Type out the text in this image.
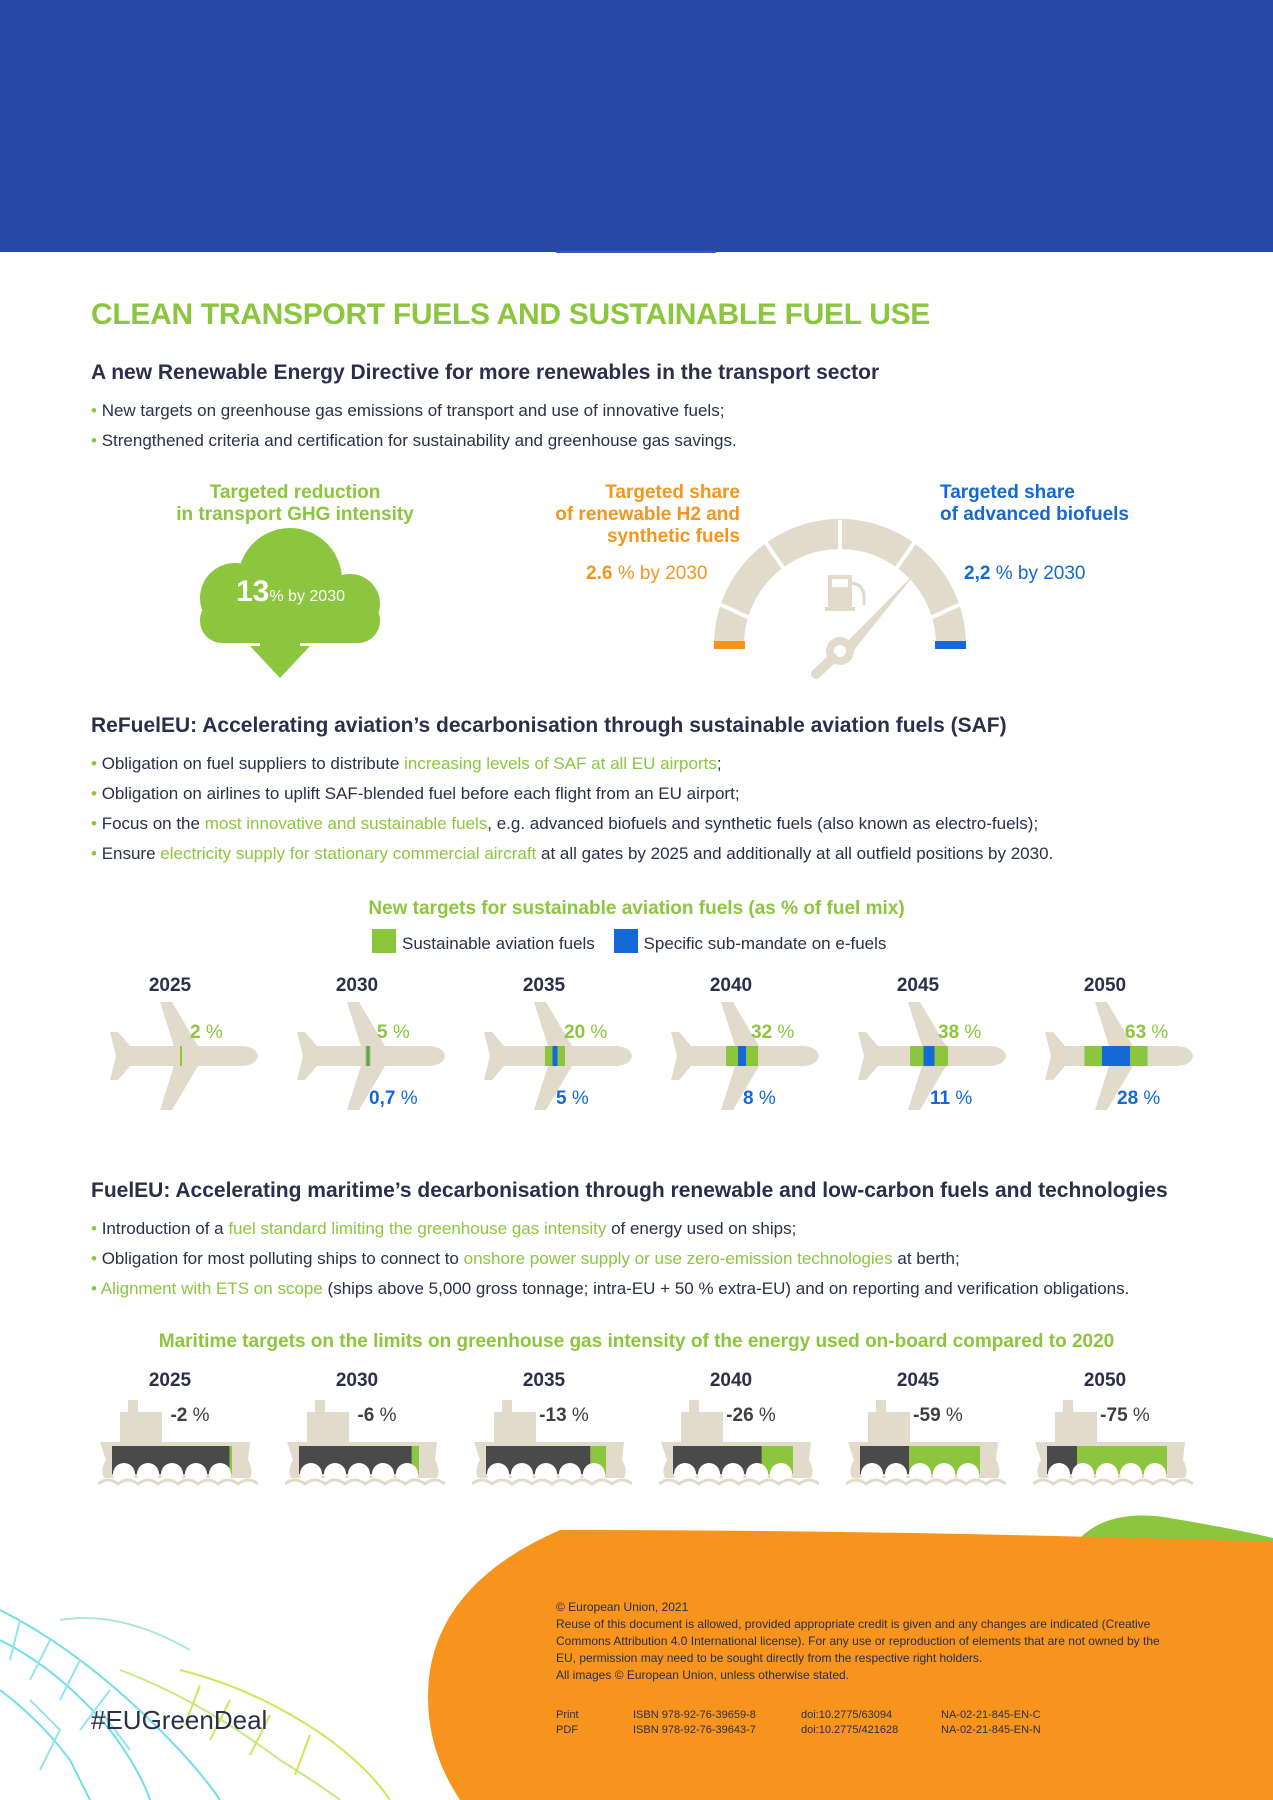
CLEAN TRANSPORT FUELS AND SUSTAINABLE FUEL USE
A new Renewable Energy Directive for more renewables in the transport sector
• New targets on greenhouse gas emissions of transport and use of innovative fuels;
• Strengthened criteria and certification for sustainability and greenhouse gas savings.
Targeted reduction
in transport GHG intensity
13% by 2030
Targeted share
of renewable H2 and
synthetic fuels
2.6 % by 2030
Targeted share
of advanced biofuels
2,2 % by 2030
ReFuelEU: Accelerating aviation’s decarbonisation through sustainable aviation fuels (SAF)
• Obligation on fuel suppliers to distribute increasing levels of SAF at all EU airports;
• Obligation on airlines to uplift SAF-blended fuel before each flight from an EU airport;
• Focus on the most innovative and sustainable fuels, e.g. advanced biofuels and synthetic fuels (also known as electro-fuels);
• Ensure electricity supply for stationary commercial aircraft at all gates by 2025 and additionally at all outfield positions by 2030.
New targets for sustainable aviation fuels (as % of fuel mix)
Sustainable aviation fuels	Specific sub-mandate on e-fuels
2025
2 %
2030
5 %
0,7 %
2035
20 %
5 %
2040
32 %
8 %
2045
38 %
11 %
2050
63 %
28 %
FuelEU: Accelerating maritime’s decarbonisation through renewable and low-carbon fuels and technologies
• Introduction of a fuel standard limiting the greenhouse gas intensity of energy used on ships;
• Obligation for most polluting ships to connect to onshore power supply or use zero-emission technologies at berth;
• Alignment with ETS on scope (ships above 5,000 gross tonnage; intra-EU + 50 % extra-EU) and on reporting and verification obligations.
Maritime targets on the limits on greenhouse gas intensity of the energy used on-board compared to 2020
2025
-2 %
2030
-6 %
2035
-13 %
2040
-26 %
2045
-59 %
2050
-75 %
© European Union, 2021
Reuse of this document is allowed, provided appropriate credit is given and any changes are indicated (Creative Commons Attribution 4.0 International license). For any use or reproduction of elements that are not owned by the EU, permission may need to be sought directly from the respective right holders.
All images © European Union, unless otherwise stated.
Print	ISBN 978-92-76-39659-8	doi:10.2775/63094	NA-02-21-845-EN-C
PDF	ISBN 978-92-76-39643-7	doi:10.2775/421628	NA-02-21-845-EN-N
#EUGreenDeal
